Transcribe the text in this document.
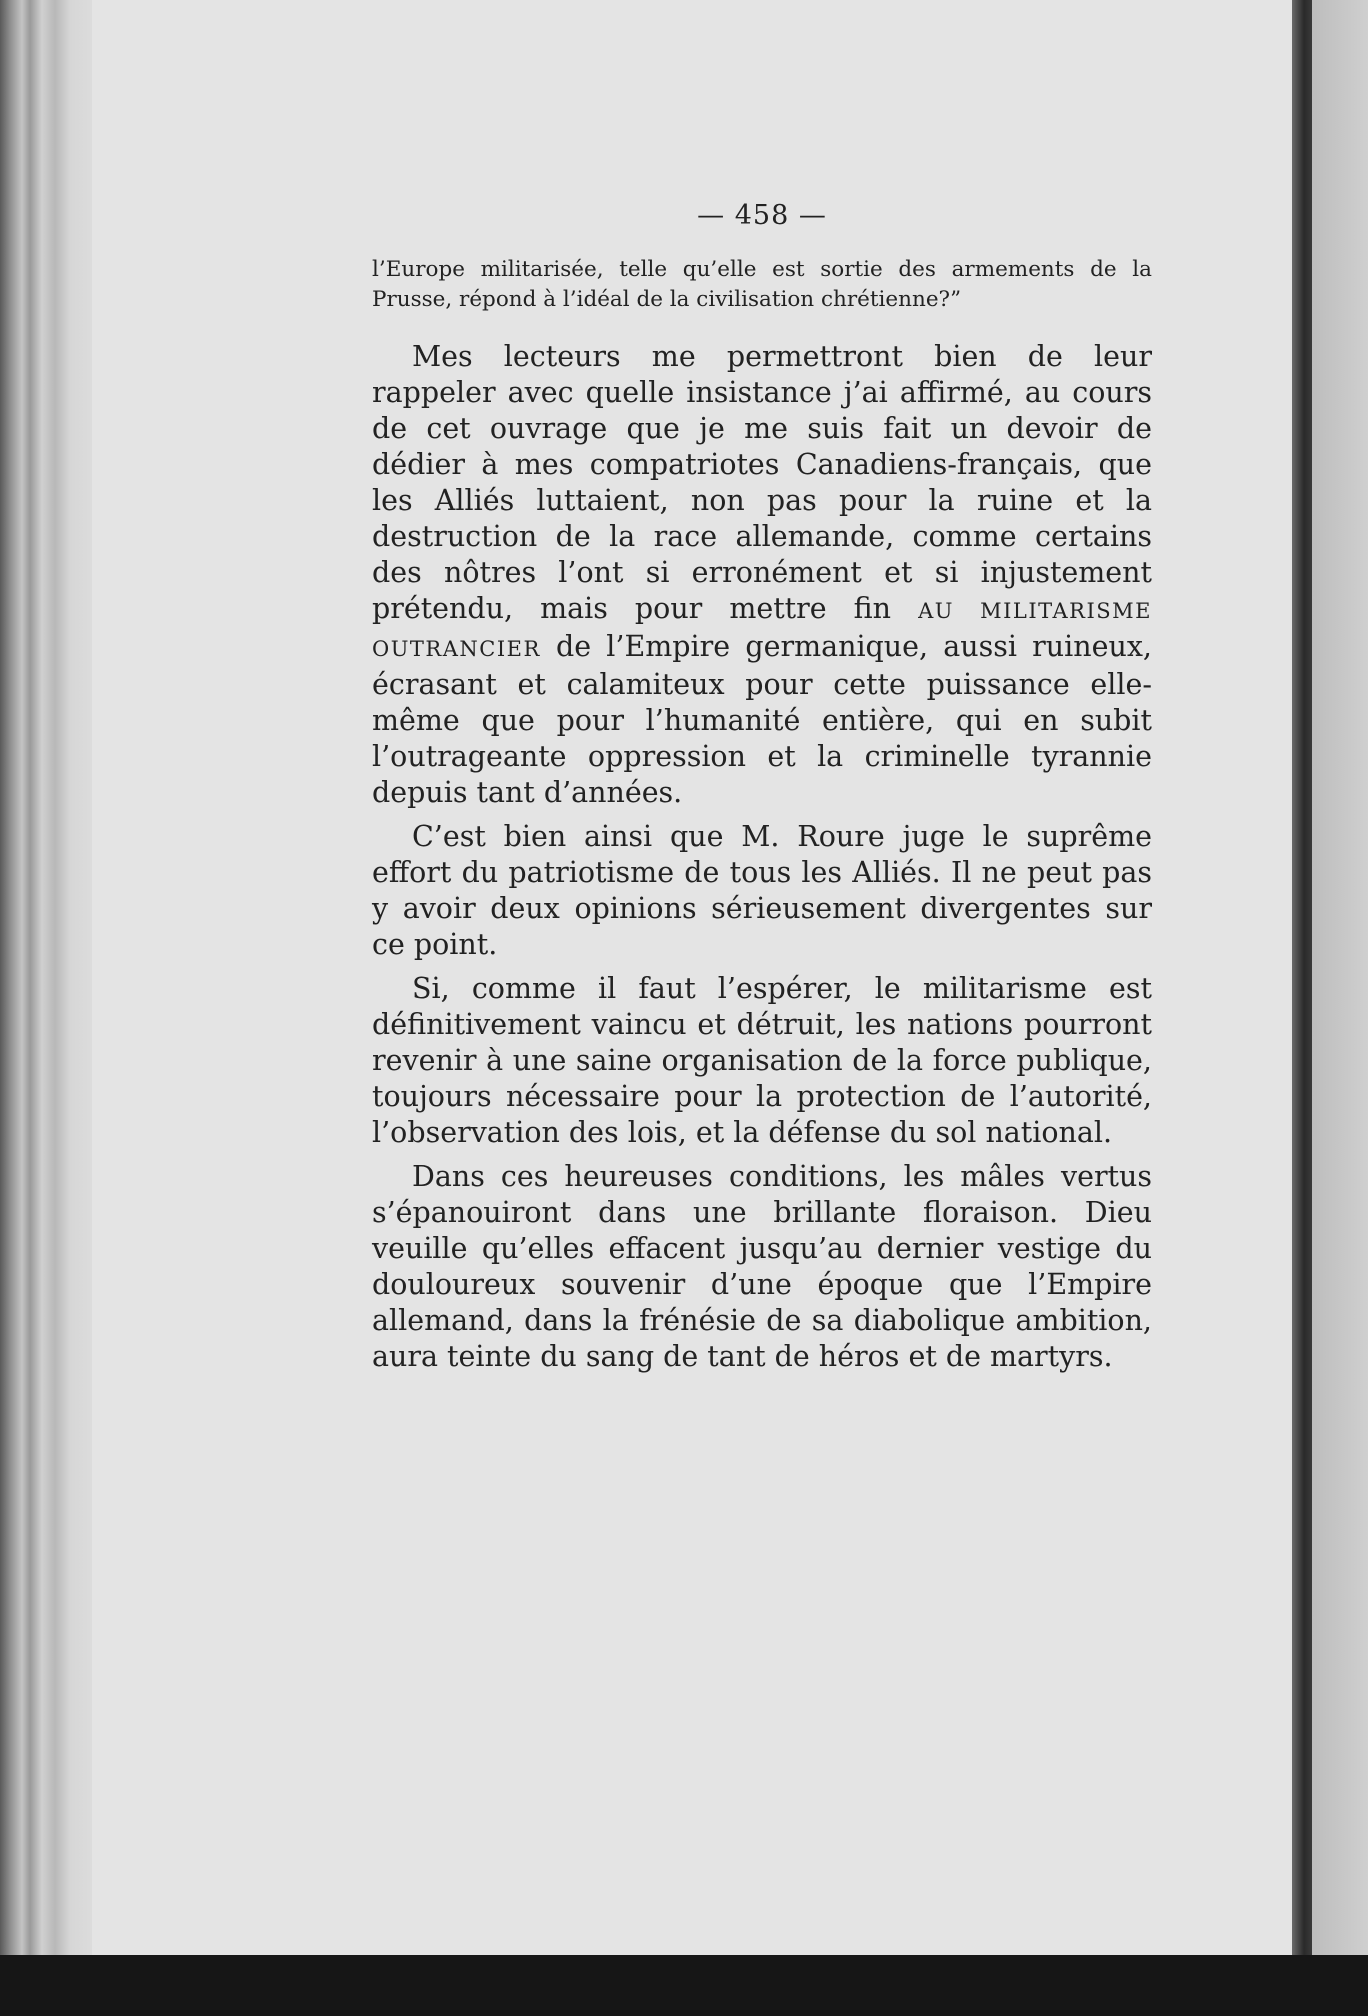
— 458 —

l’Europe militarisée, telle qu’elle est sortie des armements de la Prusse, répond à l’idéal de la civilisation chrétienne?”

Mes lecteurs me permettront bien de leur rappeler avec quelle insistance j’ai affirmé, au cours de cet ouvrage que je me suis fait un devoir de dédier à mes compatriotes Canadiens-français, que les Alliés luttaient, non pas pour la ruine et la destruction de la race allemande, comme certains des nôtres l’ont si erronément et si injustement prétendu, mais pour mettre fin AU MILITARISME OUTRANCIER de l’Empire germanique, aussi ruineux, écrasant et calamiteux pour cette puissance elle-même que pour l’humanité entière, qui en subit l’outrageante oppression et la criminelle tyrannie depuis tant d’années.

C’est bien ainsi que M. Roure juge le suprême effort du patriotisme de tous les Alliés. Il ne peut pas y avoir deux opinions sérieusement divergentes sur ce point.

Si, comme il faut l’espérer, le militarisme est définitivement vaincu et détruit, les nations pourront revenir à une saine organisation de la force publique, toujours nécessaire pour la protection de l’autorité, l’observation des lois, et la défense du sol national.

Dans ces heureuses conditions, les mâles vertus s’épanouiront dans une brillante floraison. Dieu veuille qu’elles effacent jusqu’au dernier vestige du douloureux souvenir d’une époque que l’Empire allemand, dans la frénésie de sa diabolique ambition, aura teinte du sang de tant de héros et de martyrs.
